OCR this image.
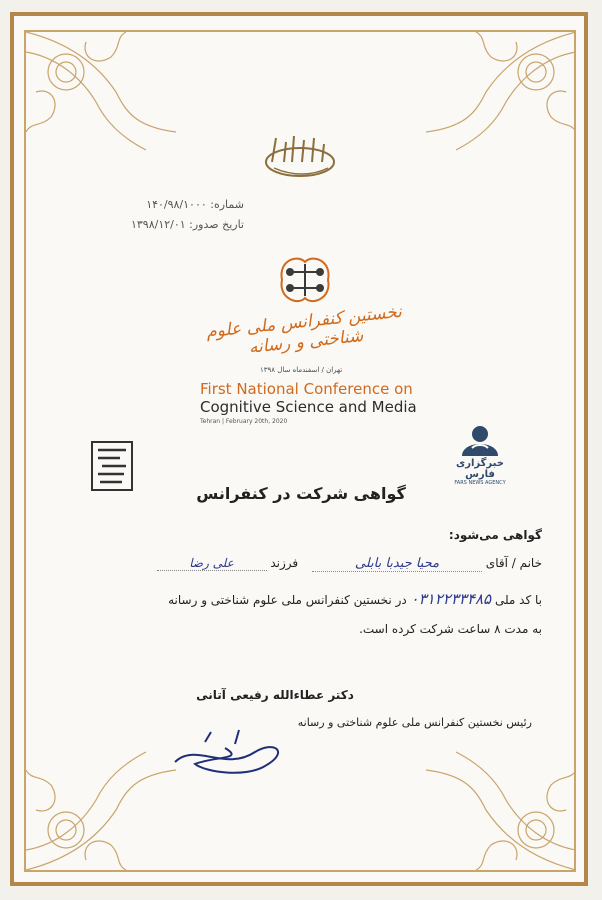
شماره: ۱۴۰/۹۸/۱۰۰۰
تاریخ صدور: ۱۳۹۸/۱۲/۰۱
نخستین کنفرانس ملی علوم شناختی و رسانه
تهران / اسفندماه سال ۱۳۹۸
First National Conference on
Cognitive Science and Media
Tehran | February 20th, 2020
خبرگزاری فارس
FARS NEWS AGENCY
گواهی شرکت در کنفرانس
گواهی می‌شود:
خانم / آقای محیا جیدبا بابلی فرزند علی رضا
با کد ملی ۰۳۱۲۲۳۳۴۸۵ در نخستین کنفرانس ملی علوم شناختی و رسانه
به مدت ۸ ساعت شرکت کرده است.
دکتر عطاءالله رفیعی آتانی
رئیس نخستین کنفرانس ملی علوم شناختی و رسانه
